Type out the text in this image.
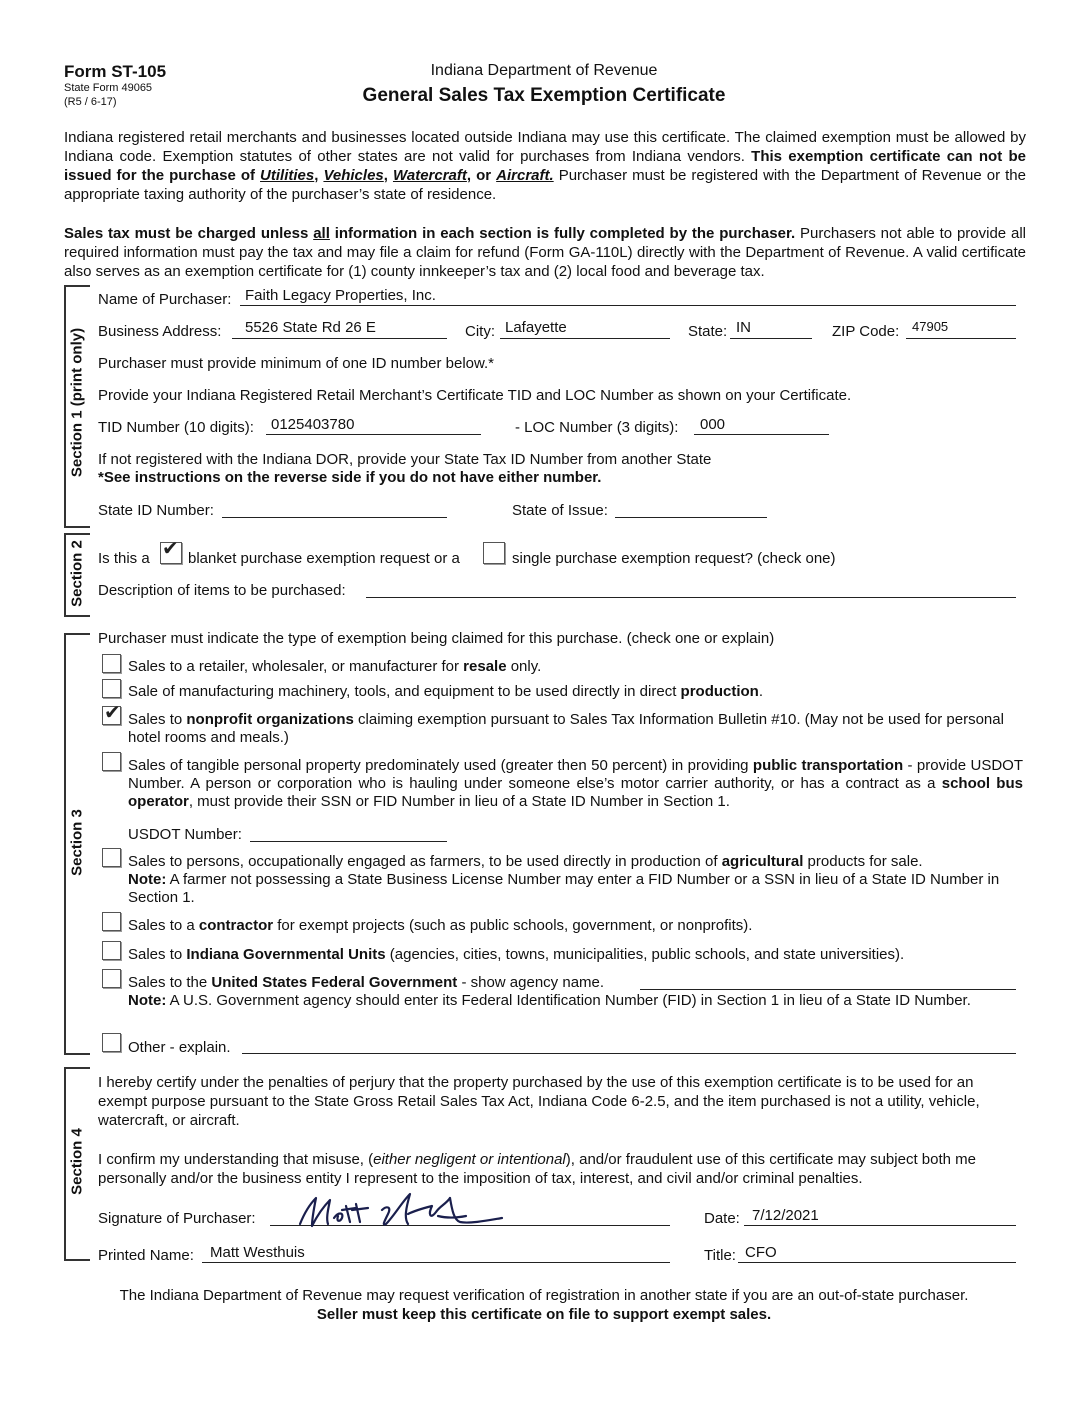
Form ST-105
State Form 49065
(R5 / 6-17)
Indiana Department of Revenue
General Sales Tax Exemption Certificate
Indiana registered retail merchants and businesses located outside Indiana may use this certificate. The claimed exemption must be allowed by Indiana code. Exemption statutes of other states are not valid for purchases from Indiana vendors. This exemption certificate can not be issued for the purchase of Utilities, Vehicles, Watercraft, or Aircraft. Purchaser must be registered with the Department of Revenue or the appropriate taxing authority of the purchaser’s state of residence.
Sales tax must be charged unless all information in each section is fully completed by the purchaser. Purchasers not able to provide all required information must pay the tax and may file a claim for refund (Form GA-110L) directly with the Department of Revenue. A valid certificate also serves as an exemption certificate for (1) county innkeeper’s tax and (2) local food and beverage tax.
Section 1 (print only)
Name of Purchaser: Faith Legacy Properties, Inc.
Business Address: 5526 State Rd 26 E	City: Lafayette	State: IN	ZIP Code: 47905
Purchaser must provide minimum of one ID number below.*
Provide your Indiana Registered Retail Merchant’s Certificate TID and LOC Number as shown on your Certificate.
TID Number (10 digits): 0125403780	- LOC Number (3 digits): 000
If not registered with the Indiana DOR, provide your State Tax ID Number from another State
*See instructions on the reverse side if you do not have either number.
State ID Number:	State of Issue:
Section 2 Is this a ✔ blanket purchase exemption request or a	single purchase exemption request? (check one)
Description of items to be purchased:
Section 3
Purchaser must indicate the type of exemption being claimed for this purchase. (check one or explain)
Sales to a retailer, wholesaler, or manufacturer for resale only.
Sale of manufacturing machinery, tools, and equipment to be used directly in direct production.
✔ Sales to nonprofit organizations claiming exemption pursuant to Sales Tax Information Bulletin #10. (May not be used for personal hotel rooms and meals.)
Sales of tangible personal property predominately used (greater then 50 percent) in providing public transportation - provide USDOT Number. A person or corporation who is hauling under someone else’s motor carrier authority, or has a contract as a school bus operator, must provide their SSN or FID Number in lieu of a State ID Number in Section 1.
USDOT Number:
Sales to persons, occupationally engaged as farmers, to be used directly in production of agricultural products for sale.
Note: A farmer not possessing a State Business License Number may enter a FID Number or a SSN in lieu of a State ID Number in Section 1.
Sales to a contractor for exempt projects (such as public schools, government, or nonprofits).
Sales to Indiana Governmental Units (agencies, cities, towns, municipalities, public schools, and state universities).
Sales to the United States Federal Government - show agency name.
Note: A U.S. Government agency should enter its Federal Identification Number (FID) in Section 1 in lieu of a State ID Number.
Other - explain.
Section 4
I hereby certify under the penalties of perjury that the property purchased by the use of this exemption certificate is to be used for an exempt purpose pursuant to the State Gross Retail Sales Tax Act, Indiana Code 6-2.5, and the item purchased is not a utility, vehicle, watercraft, or aircraft.
I confirm my understanding that misuse, (either negligent or intentional), and/or fraudulent use of this certificate may subject both me personally and/or the business entity I represent to the imposition of tax, interest, and civil and/or criminal penalties.
Signature of Purchaser:	Date: 7/12/2021
Printed Name: Matt Westhuis	Title: CFO
The Indiana Department of Revenue may request verification of registration in another state if you are an out-of-state purchaser.
Seller must keep this certificate on file to support exempt sales.
